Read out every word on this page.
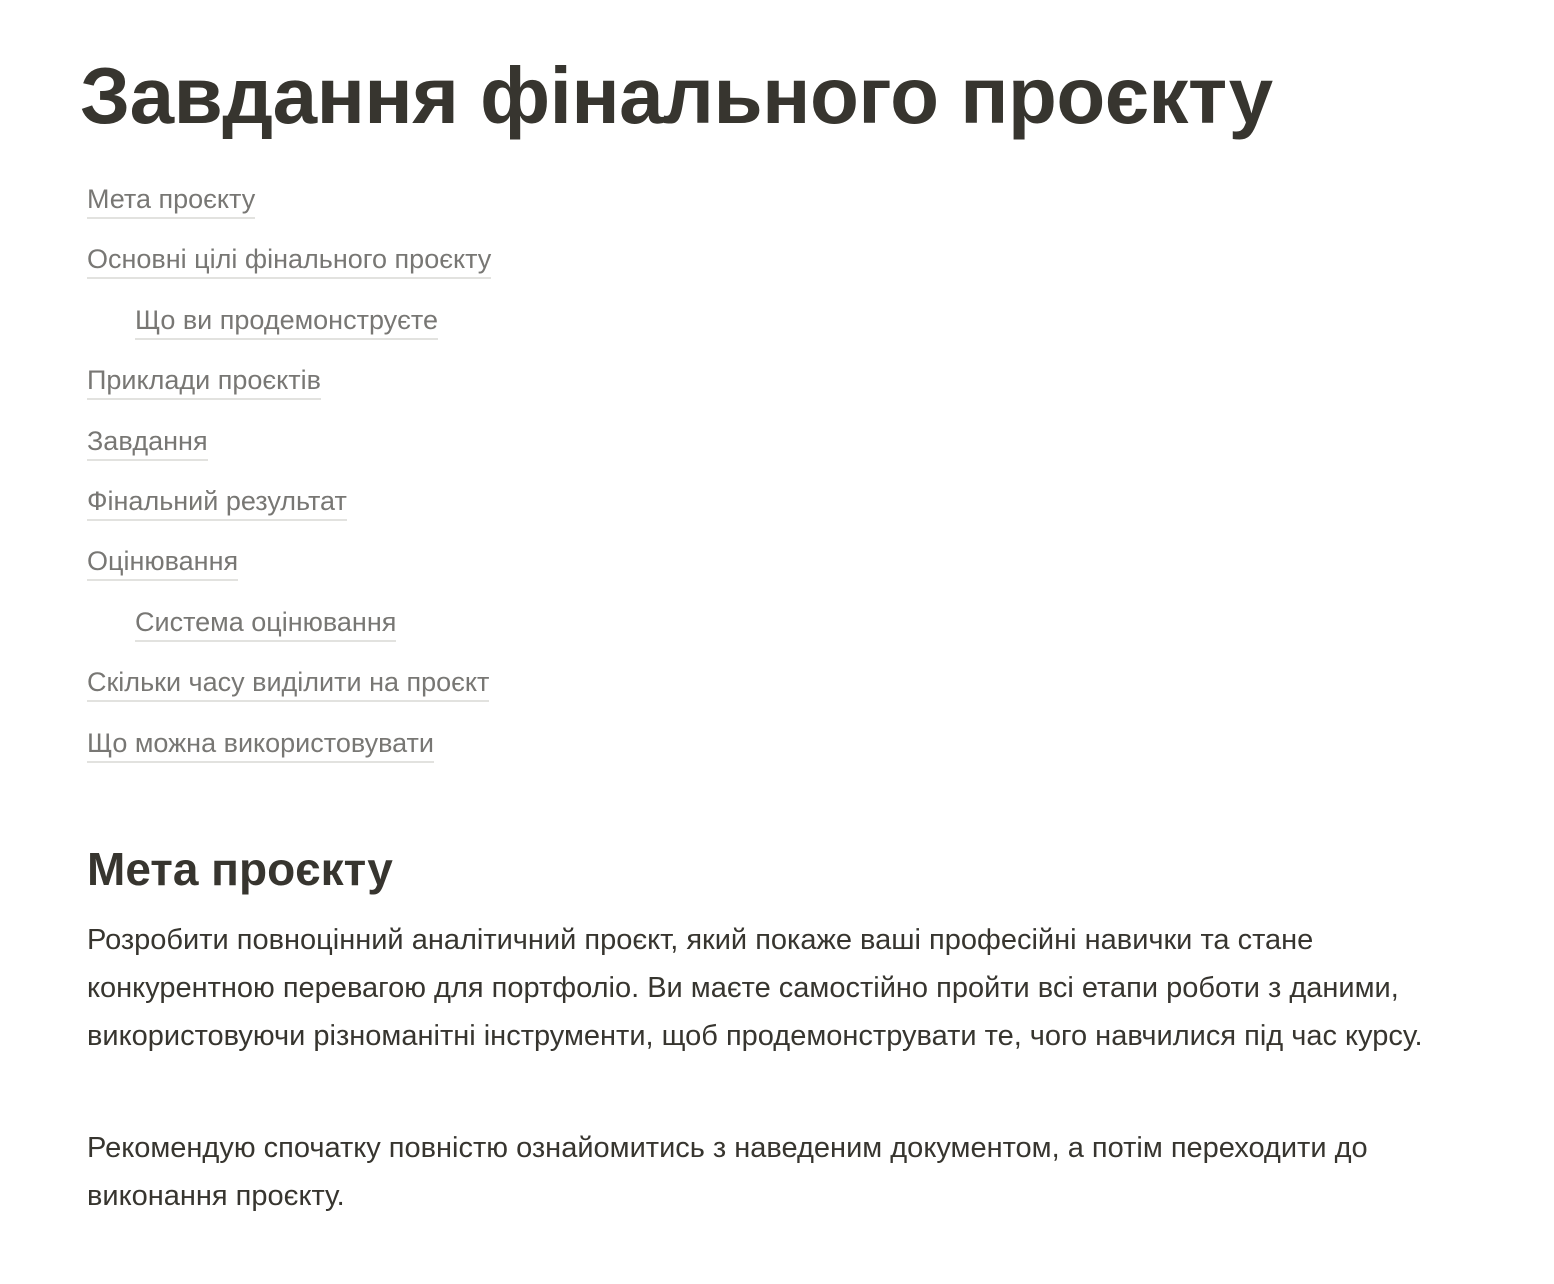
Завдання фінального проєкту
Мета проєкту
Основні цілі фінального проєкту
Що ви продемонструєте
Приклади проєктів
Завдання
Фінальний результат
Оцінювання
Система оцінювання
Скільки часу виділити на проєкт
Що можна використовувати
Мета проєкту

Розробити повноцінний аналітичний проєкт, який покаже ваші професійні навички та стане конкурентною перевагою для портфоліо. Ви маєте самостійно пройти всі етапи роботи з даними, використовуючи різноманітні інструменти, щоб продемонструвати те, чого навчилися під час курсу.

Рекомендую спочатку повністю ознайомитись з наведеним документом, а потім переходити до виконання проєкту.
